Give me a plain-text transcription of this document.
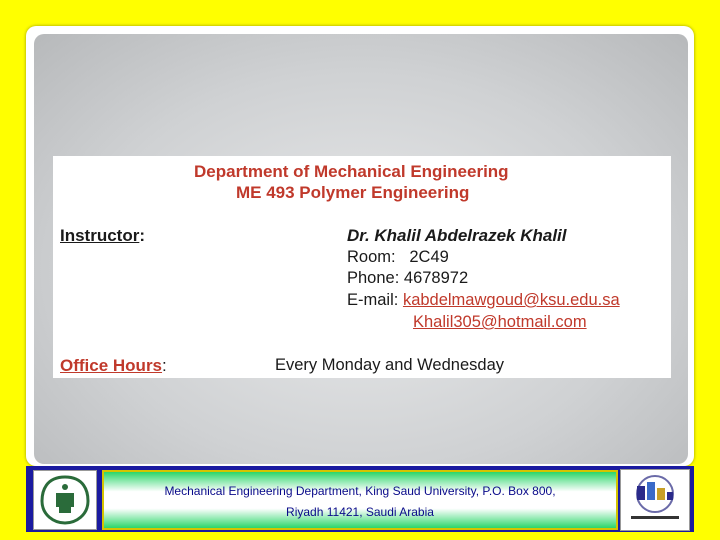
Department of Mechanical Engineering
ME 493 Polymer Engineering
Instructor:	Dr. Khalil Abdelrazek Khalil
Room: 2C49
Phone: 4678972
E-mail: kabdelmawgoud@ksu.edu.sa
Khalil305@hotmail.com
Office Hours:	Every Monday and Wednesday
Mechanical Engineering Department, King Saud University, P.O. Box 800,
Riyadh 11421, Saudi Arabia
